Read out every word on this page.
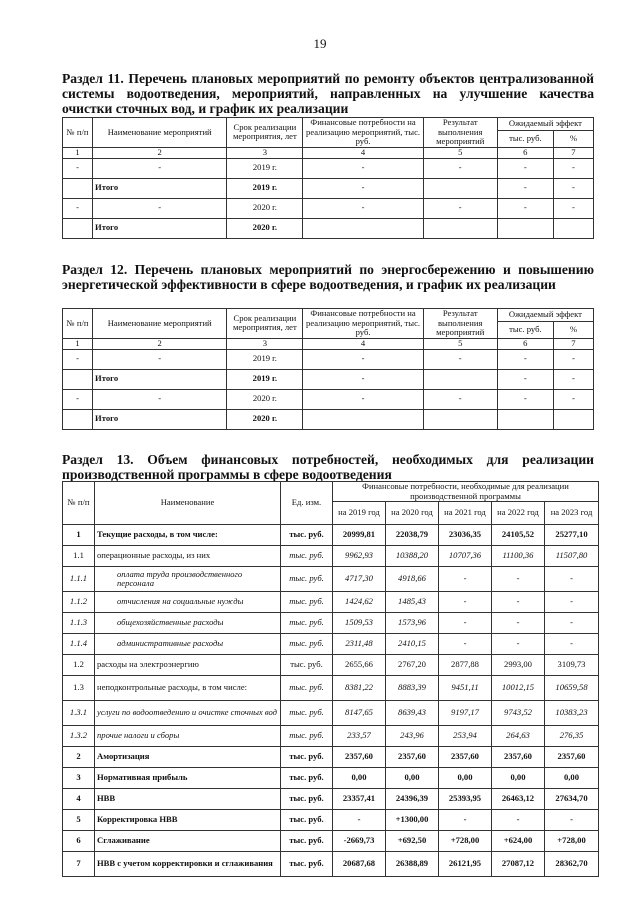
19
Раздел 11. Перечень плановых мероприятий по ремонту объектов централизованной системы водоотведения, мероприятий, направленных на улучшение качества очистки сточных вод, и график их реализации
№ п/п	Наименование мероприятий	Срок реализации мероприятия, лет	Финансовые потребности на реализацию мероприятий, тыс. руб.	Результат выполнения мероприятий	Ожидаемый эффект	
					тыс. руб.	%
1	2	3	4	5	6	7
-	-	2019 г.	-	-	-	-
	Итого	2019 г.	-		-	-
-	-	2020 г.	-	-	-	-
	Итого	2020 г.				
Раздел 12. Перечень плановых мероприятий по энергосбережению и повышению энергетической эффективности в сфере водоотведения, и график их реализации
№ п/п	Наименование мероприятий	Срок реализации мероприятия, лет	Финансовые потребности на реализацию мероприятий, тыс. руб.	Результат выполнения мероприятий	Ожидаемый эффект	
					тыс. руб.	%
1	2	3	4	5	6	7
-	-	2019 г.	-	-	-	-
	Итого	2019 г.	-		-	-
-	-	2020 г.	-	-	-	-
	Итого	2020 г.				
Раздел 13. Объем финансовых потребностей, необходимых для реализации производственной программы в сфере водоотведения
№ п/п	Наименование	Ед. изм.	Финансовые потребности, необходимые для реализации производственной программы				
			на 2019 год	на 2020 год	на 2021 год	на 2022 год	на 2023 год
1	Текущие расходы, в том числе:	тыс. руб.	20999,81	22038,79	23036,35	24105,52	25277,10
1.1	операционные расходы, из них	тыс. руб.	9962,93	10388,20	10707,36	11100,36	11507,80
1.1.1	оплата труда производственного персонала	тыс. руб.	4717,30	4918,66	-	-	-
1.1.2	отчисления на социальные нужды	тыс. руб.	1424,62	1485,43	-	-	-
1.1.3	общехозяйственные расходы	тыс. руб.	1509,53	1573,96	-	-	-
1.1.4	административные расходы	тыс. руб.	2311,48	2410,15	-	-	-
1.2	расходы на электроэнергию	тыс. руб.	2655,66	2767,20	2877,88	2993,00	3109,73
1.3	неподконтрольные расходы, в том числе:	тыс. руб.	8381,22	8883,39	9451,11	10012,15	10659,58
1.3.1	услуги по водоотведению и очистке сточных вод	тыс. руб.	8147,65	8639,43	9197,17	9743,52	10383,23
1.3.2	прочие налоги и сборы	тыс. руб.	233,57	243,96	253,94	264,63	276,35
2	Амортизация	тыс. руб.	2357,60	2357,60	2357,60	2357,60	2357,60
3	Нормативная прибыль	тыс. руб.	0,00	0,00	0,00	0,00	0,00
4	НВВ	тыс. руб.	23357,41	24396,39	25393,95	26463,12	27634,70
5	Корректировка НВВ	тыс. руб.	-	+1300,00	-	-	-
6	Сглаживание	тыс. руб.	-2669,73	+692,50	+728,00	+624,00	+728,00
7	НВВ с учетом корректировки и сглаживания	тыс. руб.	20687,68	26388,89	26121,95	27087,12	28362,70
